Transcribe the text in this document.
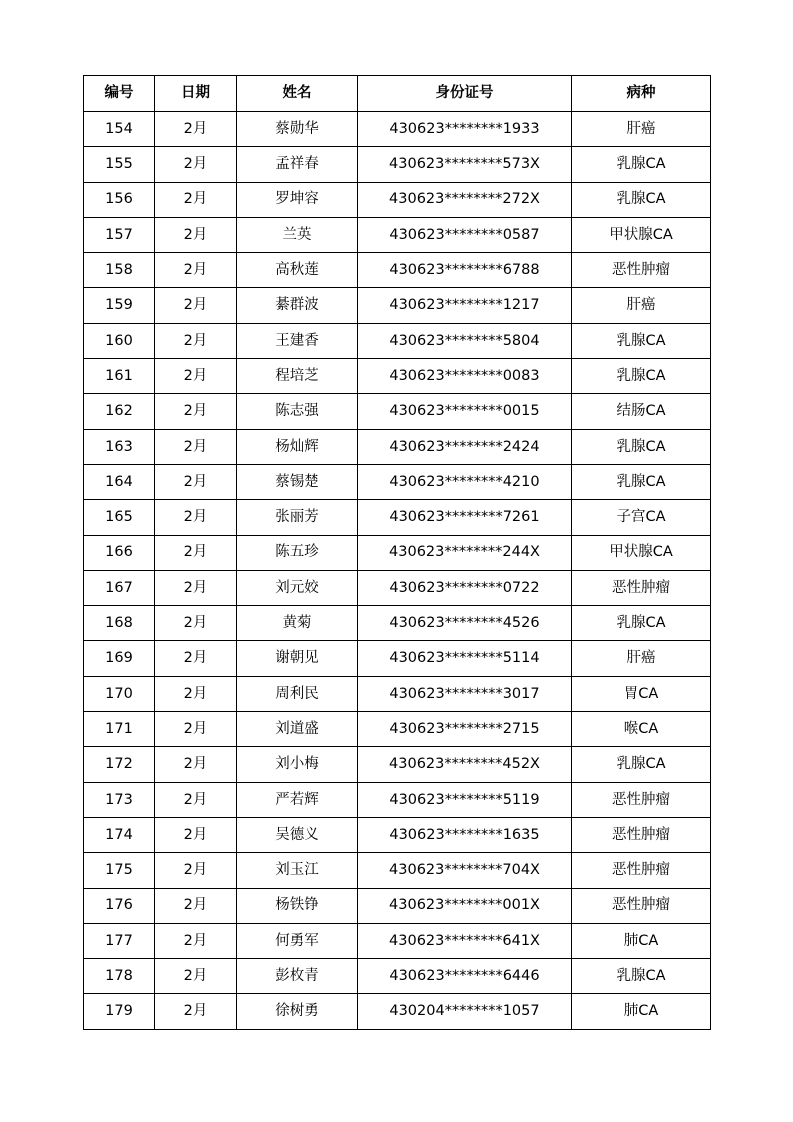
编号	日期	姓名	身份证号	病种
154	2月	蔡勋华	430623********1933	肝癌
155	2月	孟祥春	430623********573X	乳腺CA
156	2月	罗坤容	430623********272X	乳腺CA
157	2月	兰英	430623********0587	甲状腺CA
158	2月	高秋莲	430623********6788	恶性肿瘤
159	2月	綦群波	430623********1217	肝癌
160	2月	王建香	430623********5804	乳腺CA
161	2月	程培芝	430623********0083	乳腺CA
162	2月	陈志强	430623********0015	结肠CA
163	2月	杨灿辉	430623********2424	乳腺CA
164	2月	蔡锡楚	430623********4210	乳腺CA
165	2月	张丽芳	430623********7261	子宫CA
166	2月	陈五珍	430623********244X	甲状腺CA
167	2月	刘元姣	430623********0722	恶性肿瘤
168	2月	黄菊	430623********4526	乳腺CA
169	2月	谢朝见	430623********5114	肝癌
170	2月	周利民	430623********3017	胃CA
171	2月	刘道盛	430623********2715	喉CA
172	2月	刘小梅	430623********452X	乳腺CA
173	2月	严若辉	430623********5119	恶性肿瘤
174	2月	吴德义	430623********1635	恶性肿瘤
175	2月	刘玉江	430623********704X	恶性肿瘤
176	2月	杨铁铮	430623********001X	恶性肿瘤
177	2月	何勇军	430623********641X	肺CA
178	2月	彭枚青	430623********6446	乳腺CA
179	2月	徐树勇	430204********1057	肺CA
